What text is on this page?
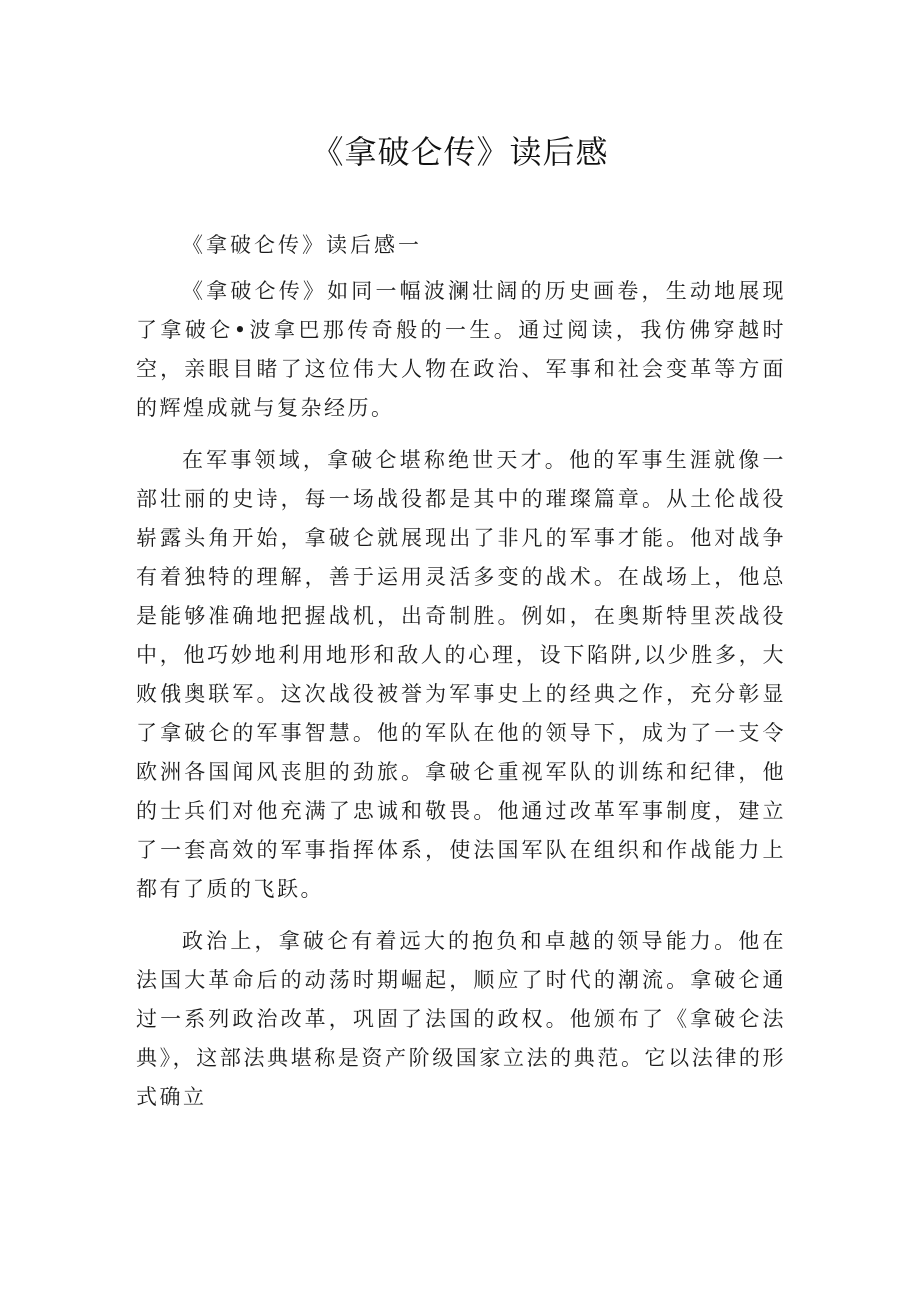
《拿破仑传》读后感
《拿破仑传》读后感一

《拿破仑传》如同一幅波澜壮阔的历史画卷，生动地展现了拿破仑•波拿巴那传奇般的一生。通过阅读，我仿佛穿越时空，亲眼目睹了这位伟大人物在政治、军事和社会变革等方面的辉煌成就与复杂经历。

在军事领域，拿破仑堪称绝世天才。他的军事生涯就像一部壮丽的史诗，每一场战役都是其中的璀璨篇章。从土伦战役崭露头角开始，拿破仑就展现出了非凡的军事才能。他对战争有着独特的理解，善于运用灵活多变的战术。在战场上，他总是能够准确地把握战机，出奇制胜。例如，在奥斯特里茨战役中，他巧妙地利用地形和敌人的心理，设下陷阱,以少胜多，大败俄奥联军。这次战役被誉为军事史上的经典之作，充分彰显了拿破仑的军事智慧。他的军队在他的领导下，成为了一支令欧洲各国闻风丧胆的劲旅。拿破仑重视军队的训练和纪律，他的士兵们对他充满了忠诚和敬畏。他通过改革军事制度，建立了一套高效的军事指挥体系，使法国军队在组织和作战能力上都有了质的飞跃。

政治上，拿破仑有着远大的抱负和卓越的领导能力。他在法国大革命后的动荡时期崛起，顺应了时代的潮流。拿破仑通过一系列政治改革，巩固了法国的政权。他颁布了《拿破仑法典》，这部法典堪称是资产阶级国家立法的典范。它以法律的形式确立
